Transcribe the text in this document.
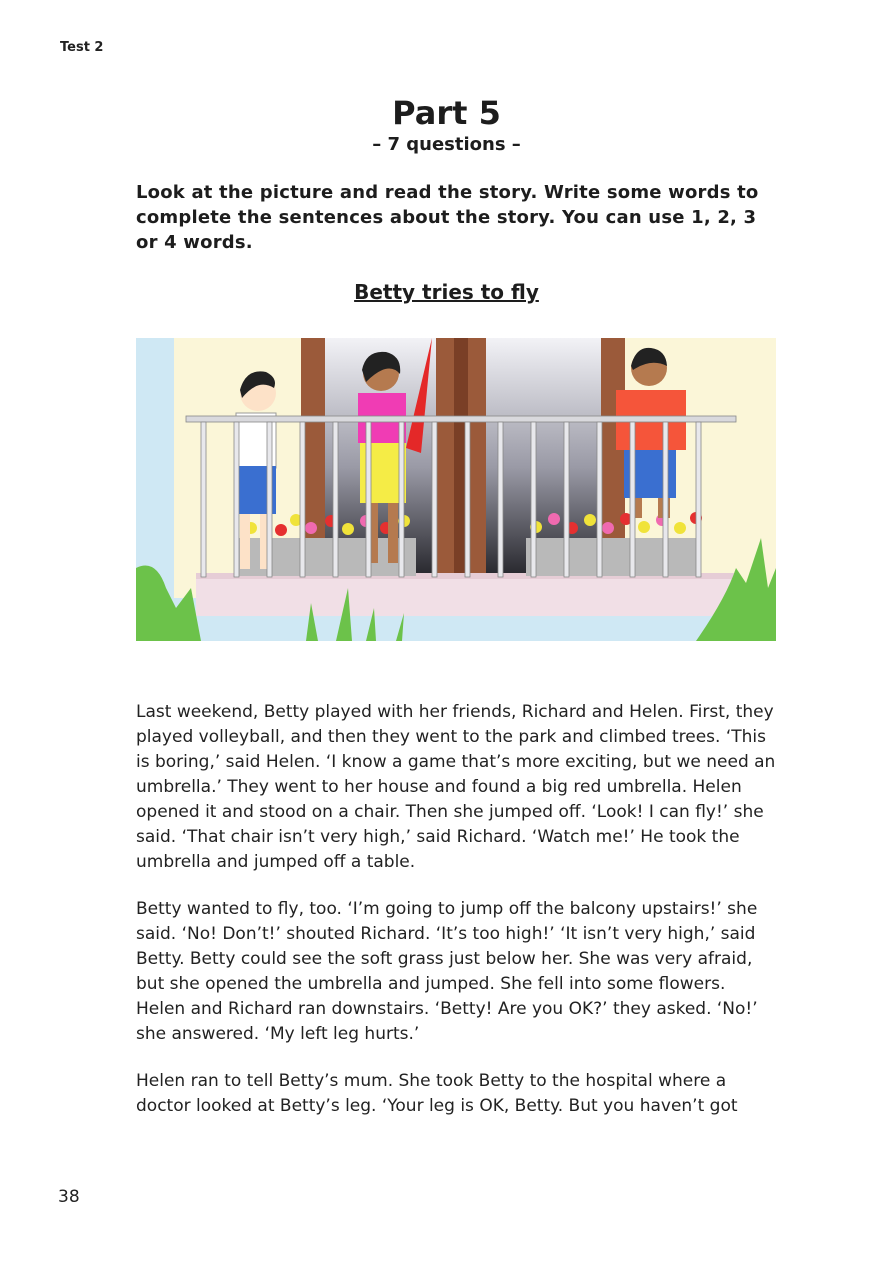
Test 2
Part 5
– 7 questions –
Look at the picture and read the story. Write some words to complete the sentences about the story. You can use 1, 2, 3 or 4 words.
Betty tries to fly

Last weekend, Betty played with her friends, Richard and Helen. First, they played volleyball, and then they went to the park and climbed trees. ‘This is boring,’ said Helen. ‘I know a game that’s more exciting, but we need an umbrella.’ They went to her house and found a big red umbrella. Helen opened it and stood on a chair. Then she jumped off. ‘Look! I can fly!’ she said. ‘That chair isn’t very high,’ said Richard. ‘Watch me!’ He took the umbrella and jumped off a table.

Betty wanted to fly, too. ‘I’m going to jump off the balcony upstairs!’ she said. ‘No! Don’t!’ shouted Richard. ‘It’s too high!’ ‘It isn’t very high,’ said Betty. Betty could see the soft grass just below her. She was very afraid, but she opened the umbrella and jumped. She fell into some flowers. Helen and Richard ran downstairs. ‘Betty! Are you OK?’ they asked. ‘No!’ she answered. ‘My left leg hurts.’

Helen ran to tell Betty’s mum. She took Betty to the hospital where a doctor looked at Betty’s leg. ‘Your leg is OK, Betty. But you haven’t got

38
